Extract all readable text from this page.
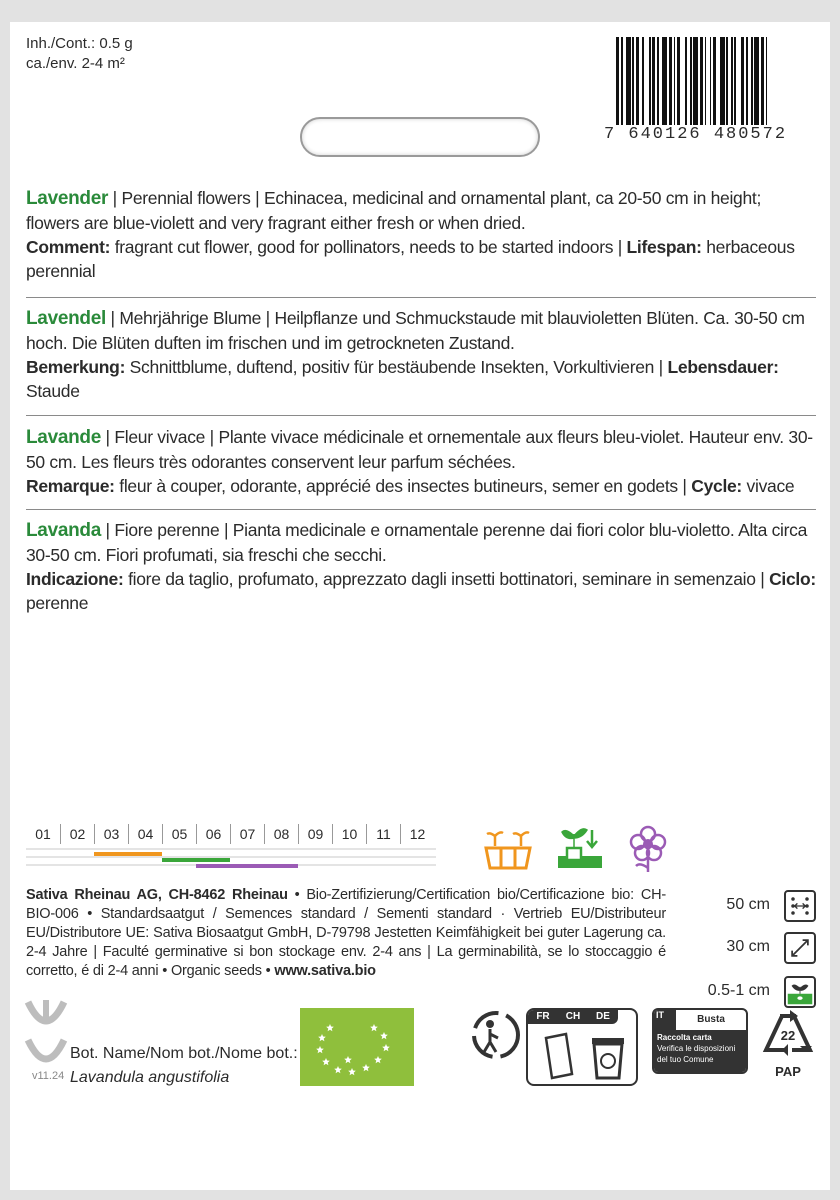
Inh./Cont.: 0.5 g
ca./env. 2-4 m²
7 640126 480572

Lavender | Perennial flowers | Echinacea, medicinal and ornamental plant, ca 20-50 cm in height; flowers are blue-violett and very fragrant either fresh or when dried.

Comment: fragrant cut flower, good for pollinators, needs to be started indoors | Lifespan: herbaceous perennial

Lavendel | Mehrjährige Blume | Heilpflanze und Schmuckstaude mit blauvioletten Blüten. Ca. 30-50 cm hoch. Die Blüten duften im frischen und im getrockneten Zustand.

Bemerkung: Schnittblume, duftend, positiv für bestäubende Insekten, Vorkultivieren | Lebensdauer: Staude

Lavande | Fleur vivace | Plante vivace médicinale et ornementale aux fleurs bleu-violet. Hauteur env. 30-50 cm. Les fleurs très odorantes conservent leur parfum séchées.

Remarque: fleur à couper, odorante, apprécié des insectes butineurs, semer en godets | Cycle: vivace

Lavanda | Fiore perenne | Pianta medicinale e ornamentale perenne dai fiori color blu-violetto. Alta circa 30-50 cm. Fiori profumati, sia freschi che secchi.

Indicazione: fiore da taglio, profumato, apprezzato dagli insetti bottinatori, seminare in semenzaio | Ciclo: perenne

01	02	03	04	05	06	07	08	09	10	11	12
Sativa Rheinau AG, CH-8462 Rheinau • Bio-Zertifizierung/Certification bio/Certificazione bio: CH-BIO-006 • Standardsaatgut / Semences standard / Sementi standard · Vertrieb EU/Distributeur EU/Distributore UE: Sativa Biosaatgut GmbH, D-79798 Jestetten Keimfähigkeit bei guter Lagerung ca. 2-4 Jahre | Faculté germinative si bon stockage env. 2-4 ans | La germinabilità, se lo stoccaggio é corretto, é di 2-4 anni • Organic seeds • www.sativa.bio
50 cm
30 cm
0.5-1 cm
v11.24
Bot. Name/Nom bot./Nome bot.:
Lavandula angustifolia
FR	CH	DE	IT	Busta
Raccolta carta
Verifica le disposizioni
del tuo Comune
22
PAP
